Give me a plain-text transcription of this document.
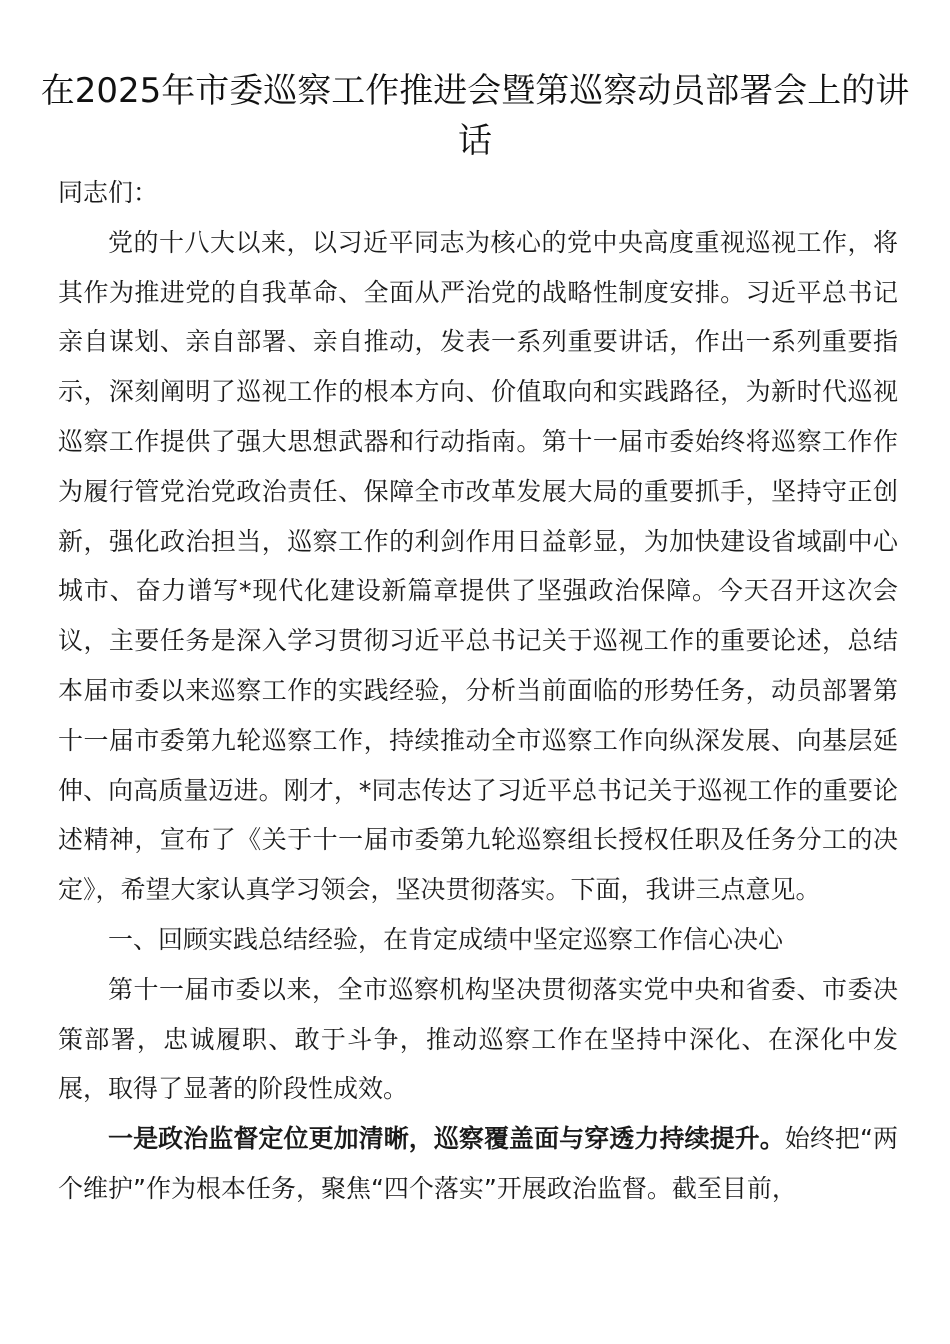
在2025年市委巡察工作推进会暨第巡察动员部署会上的讲话

同志们：

党的十八大以来，以习近平同志为核心的党中央高度重视巡视工作，将其作为推进党的自我革命、全面从严治党的战略性制度安排。习近平总书记亲自谋划、亲自部署、亲自推动，发表一系列重要讲话，作出一系列重要指示，深刻阐明了巡视工作的根本方向、价值取向和实践路径，为新时代巡视巡察工作提供了强大思想武器和行动指南。第十一届市委始终将巡察工作作为履行管党治党政治责任、保障全市改革发展大局的重要抓手，坚持守正创新，强化政治担当，巡察工作的利剑作用日益彰显，为加快建设省域副中心城市、奋力谱写*现代化建设新篇章提供了坚强政治保障。今天召开这次会议，主要任务是深入学习贯彻习近平总书记关于巡视工作的重要论述，总结本届市委以来巡察工作的实践经验，分析当前面临的形势任务，动员部署第十一届市委第九轮巡察工作，持续推动全市巡察工作向纵深发展、向基层延伸、向高质量迈进。刚才，*同志传达了习近平总书记关于巡视工作的重要论述精神，宣布了《关于十一届市委第九轮巡察组长授权任职及任务分工的决定》，希望大家认真学习领会，坚决贯彻落实。下面，我讲三点意见。

一、回顾实践总结经验，在肯定成绩中坚定巡察工作信心决心

第十一届市委以来，全市巡察机构坚决贯彻落实党中央和省委、市委决策部署，忠诚履职、敢于斗争，推动巡察工作在坚持中深化、在深化中发展，取得了显著的阶段性成效。

一是政治监督定位更加清晰，巡察覆盖面与穿透力持续提升。始终把“两个维护”作为根本任务，聚焦“四个落实”开展政治监督。截至目前，
